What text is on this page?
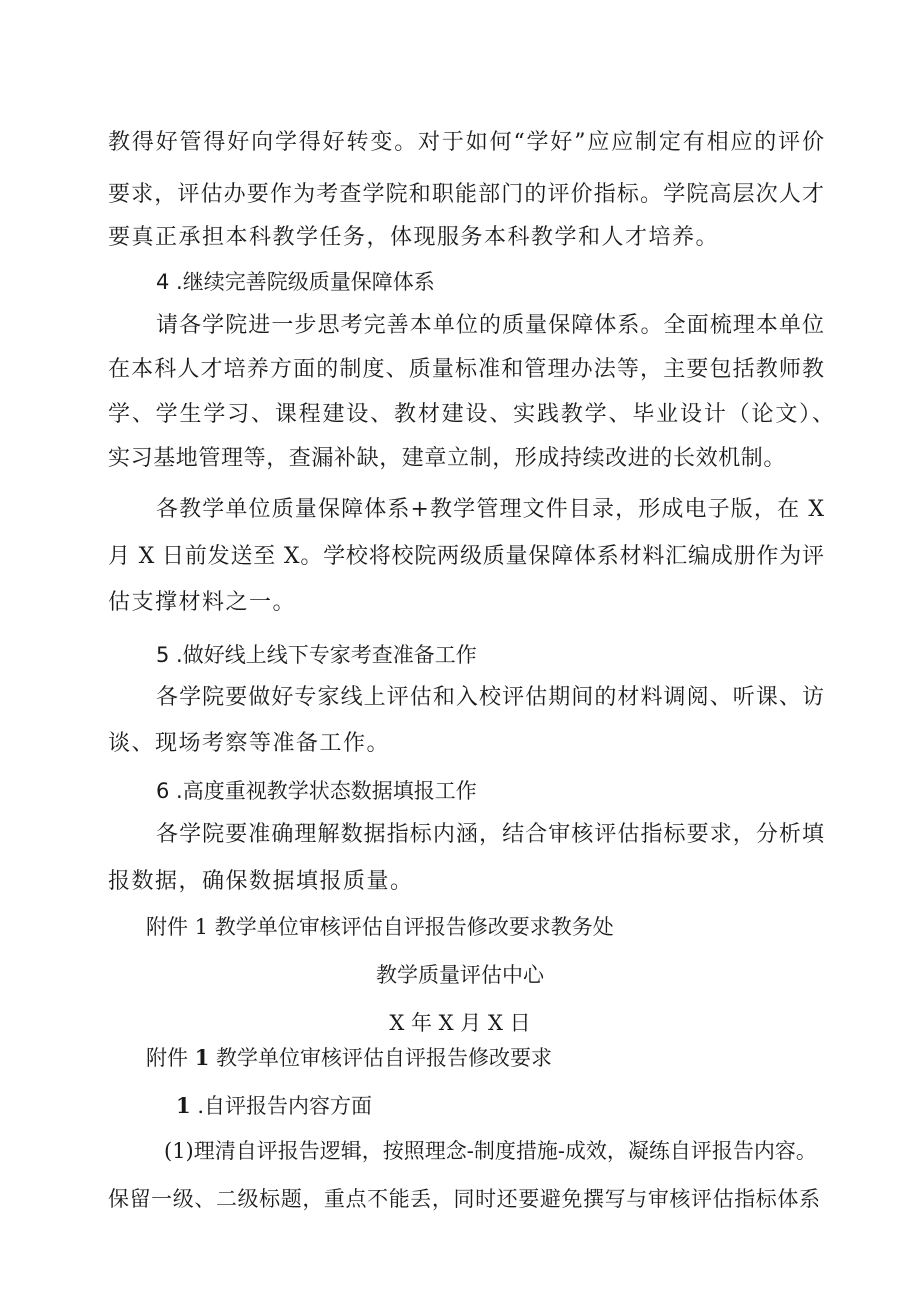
教得好管得好向学得好转变。对于如何“学好”应应制定有相应的评价

要求，评估办要作为考查学院和职能部门的评价指标。学院高层次人才

要真正承担本科教学任务，体现服务本科教学和人才培养。

4 .继续完善院级质量保障体系

请各学院进一步思考完善本单位的质量保障体系。全面梳理本单位

在本科人才培养方面的制度、质量标准和管理办法等，主要包括教师教

学、学生学习、课程建设、教材建设、实践教学、毕业设计（论文）、

实习基地管理等，查漏补缺，建章立制，形成持续改进的长效机制。

各教学单位质量保障体系+教学管理文件目录，形成电子版，在 X

月 X 日前发送至 X。学校将校院两级质量保障体系材料汇编成册作为评

估支撑材料之一。

5 .做好线上线下专家考查准备工作

各学院要做好专家线上评估和入校评估期间的材料调阅、听课、访

谈、现场考察等准备工作。

6 .高度重视教学状态数据填报工作

各学院要准确理解数据指标内涵，结合审核评估指标要求，分析填

报数据，确保数据填报质量。

附件 1 教学单位审核评估自评报告修改要求教务处

教学质量评估中心

X 年 X 月 X 日

附件 1 教学单位审核评估自评报告修改要求

1 .自评报告内容方面

(1)理清自评报告逻辑，按照理念-制度措施-成效，凝练自评报告内容。

保留一级、二级标题，重点不能丢，同时还要避免撰写与审核评估指标体系
